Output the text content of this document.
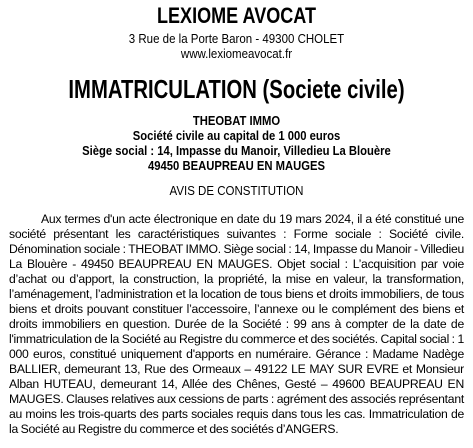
LEXIOME AVOCAT
3 Rue de la Porte Baron - 49300 CHOLET
www.lexiomeavocat.fr
IMMATRICULATION (Societe civile)
THEOBAT IMMO
Société civile au capital de 1 000 euros
Siège social : 14, Impasse du Manoir, Villedieu La Blouère
49450 BEAUPREAU EN MAUGES
AVIS DE CONSTITUTION

Aux termes d'un acte électronique en date du 19 mars 2024, il a été constitué une société présentant les caractéristiques suivantes : Forme sociale : Société civile. Dénomination sociale : THEOBAT IMMO. Siège social : 14, Impasse du Manoir - Villedieu La Blouère - 49450 BEAUPREAU EN MAUGES. Objet social : L’acquisition par voie d’achat ou d’apport, la construction, la propriété, la mise en valeur, la transformation, l’aménagement, l’administration et la location de tous biens et droits immobiliers, de tous biens et droits pouvant constituer l’accessoire, l’annexe ou le complément des biens et droits immobiliers en question. Durée de la Société : 99 ans à compter de la date de l'immatriculation de la Société au Registre du commerce et des sociétés. Capital social : 1 000 euros, constitué uniquement d'apports en numéraire. Gérance : Madame Nadège BALLIER, demeurant 13, Rue des Ormeaux – 49122 LE MAY SUR EVRE et Monsieur Alban HUTEAU, demeurant 14, Allée des Chênes, Gesté – 49600 BEAUPREAU EN MAUGES. Clauses relatives aux cessions de parts : agrément des associés représentant au moins les trois-quarts des parts sociales requis dans tous les cas. Immatriculation de la Société au Registre du commerce et des sociétés d’ANGERS.
